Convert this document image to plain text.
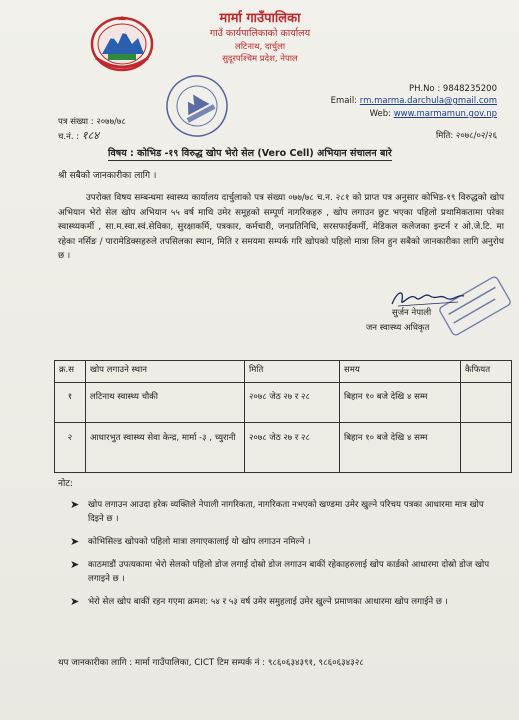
मार्मा गाउँपालिका
गाउँ कार्यपालिकाको कार्यालय
लटिनाथ, दार्चुला
सुदूरपश्चिम प्रदेश, नेपाल
PH.No : 9848235200
Email: rm.marma.darchula@gmail.com
Web: www.marmamun.gov.np
पत्र संख्या : २०७७/७८
च.नं. : १८४	मिति: २०७८/०२/२६
विषय : कोभिड -१९ विरुद्ध खोप भेरो सेल (Vero Cell) अभियान संचालन बारे
श्री सबैको जानकारीका लागि ।
उपरोक्त विषय सम्बन्धमा स्वास्थ्य कार्यालय दार्चुलाको पत्र संख्या ०७७/७८ च.न. २८१ को प्राप्त पत्र अनुसार कोभिड-१९ विरुद्धको खोप अभियान भेरो सेल खोप अभियान ५५ वर्ष माथि उमेर समूहको सम्पूर्ण नागरिकहरु , खोप लगाउन छुट भएका पहिलो प्रथामिकतामा परेका स्वास्थ्यकर्मी , सा.म.स्वा.स्वं.सेविका, सुरक्षाकर्मि, पत्रकार, कर्मचारी, जनप्रतिनिधि, सरसफाईकर्मी, मेडिकल कलेजका इन्टर्न र ओ.जे.टि. मा रहेका नर्सिङ / पारामेडिक्सहरुले तपसिलका स्थान, मिति र समयमा सम्पर्क गरि खोपको पहिलो मात्रा लिन हुन सबैको जानकारीका लागि अनुरोध छ ।
सुर्जन नेपाली
जन स्वास्थ्य अधिकृत
क्र.स	खोप लगाउने स्थान	मिति	समय	कैफियत
१	लटिनाथ स्वास्थ्य चौकी	२०७८ जेठ २७ र २८	बिहान १० बजे देखि ४ सम्म	
२	आधारभुत स्वास्थ्य सेवा केन्द्र, मार्मा -३ , च्युरानी	२०७८ जेठ २७ र २८	बिहान १० बजे देखि ४ सम्म	
नोट:
➤ खोप लगाउन आउदा हरेक व्यक्तिले नेपाली नागरिकता, नागरिकता नभएको खण्डमा उमेर खुल्ने परिचय पत्रका आधारमा मात्र खोप दिइने छ ।
➤ कोभिसिल्ड खोपको पहिलो मात्रा लगाएकालाई यो खोप लगाउन नमिल्ने ।
➤ काठमाडौं उपत्यकामा भेरो सेलको पहिलो डोज लगाई दोस्रो डोज लगाउन बाकीं रहेकाहरुलाई खोप कार्डको आधारमा दोस्रो डोज खोप लगाइने छ ।
➤ भेरो सेल खोप बाकीं रहन गएमा क्रमश: ५४ र ५३ वर्ष उमेर समुहलाई उमेर खुल्ने प्रमाणका आधारमा खोप लगाईने छ ।
थप जानकारीका लागि : मार्मा गाउँपालिका, CICT टिम सम्पर्क नं : ९८६०६३४३९१, ९८६०६३४३२८
